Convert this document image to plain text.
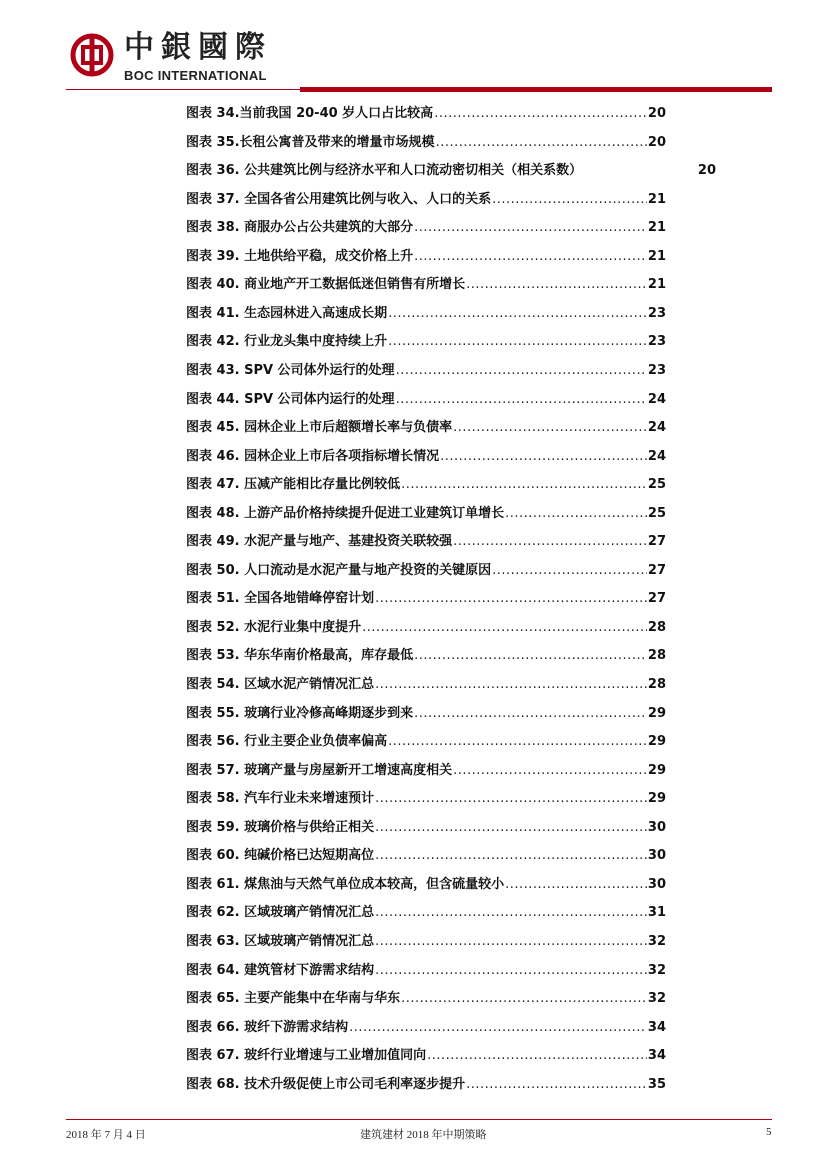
中銀國際
BOC INTERNATIONAL
图表 34.当前我国 20-40 岁人口占比较高 .....	20
图表 35.长租公寓普及带来的增量市场规模 .....	20
图表 36. 公共建筑比例与经济水平和人口流动密切相关（相关系数）	20
图表 37. 全国各省公用建筑比例与收入、人口的关系 .....	21
图表 38. 商服办公占公共建筑的大部分 .....	21
图表 39. 土地供给平稳，成交价格上升 .....	21
图表 40. 商业地产开工数据低迷但销售有所增长 .....	21
图表 41. 生态园林进入高速成长期 .....	23
图表 42. 行业龙头集中度持续上升 .....	23
图表 43. SPV 公司体外运行的处理 .....	23
图表 44. SPV 公司体内运行的处理 .....	24
图表 45. 园林企业上市后超额增长率与负债率 .....	24
图表 46. 园林企业上市后各项指标增长情况 .....	24
图表 47. 压减产能相比存量比例较低 .....	25
图表 48. 上游产品价格持续提升促进工业建筑订单增长 .....	25
图表 49. 水泥产量与地产、基建投资关联较强 .....	27
图表 50. 人口流动是水泥产量与地产投资的关键原因 .....	27
图表 51. 全国各地错峰停窑计划 .....	27
图表 52. 水泥行业集中度提升 .....	28
图表 53. 华东华南价格最高，库存最低 .....	28
图表 54. 区域水泥产销情况汇总 .....	28
图表 55. 玻璃行业冷修高峰期逐步到来 .....	29
图表 56. 行业主要企业负债率偏高 .....	29
图表 57. 玻璃产量与房屋新开工增速高度相关 .....	29
图表 58. 汽车行业未来增速预计 .....	29
图表 59. 玻璃价格与供给正相关 .....	30
图表 60. 纯碱价格已达短期高位 .....	30
图表 61. 煤焦油与天然气单位成本较高，但含硫量较小 .....	30
图表 62. 区域玻璃产销情况汇总 .....	31
图表 63. 区域玻璃产销情况汇总 .....	32
图表 64. 建筑管材下游需求结构 .....	32
图表 65. 主要产能集中在华南与华东 .....	32
图表 66. 玻纤下游需求结构 .....	34
图表 67. 玻纤行业增速与工业增加值同向 .....	34
图表 68. 技术升级促使上市公司毛利率逐步提升 .....	35
2018 年 7 月 4 日	建筑建材 2018 年中期策略	5
